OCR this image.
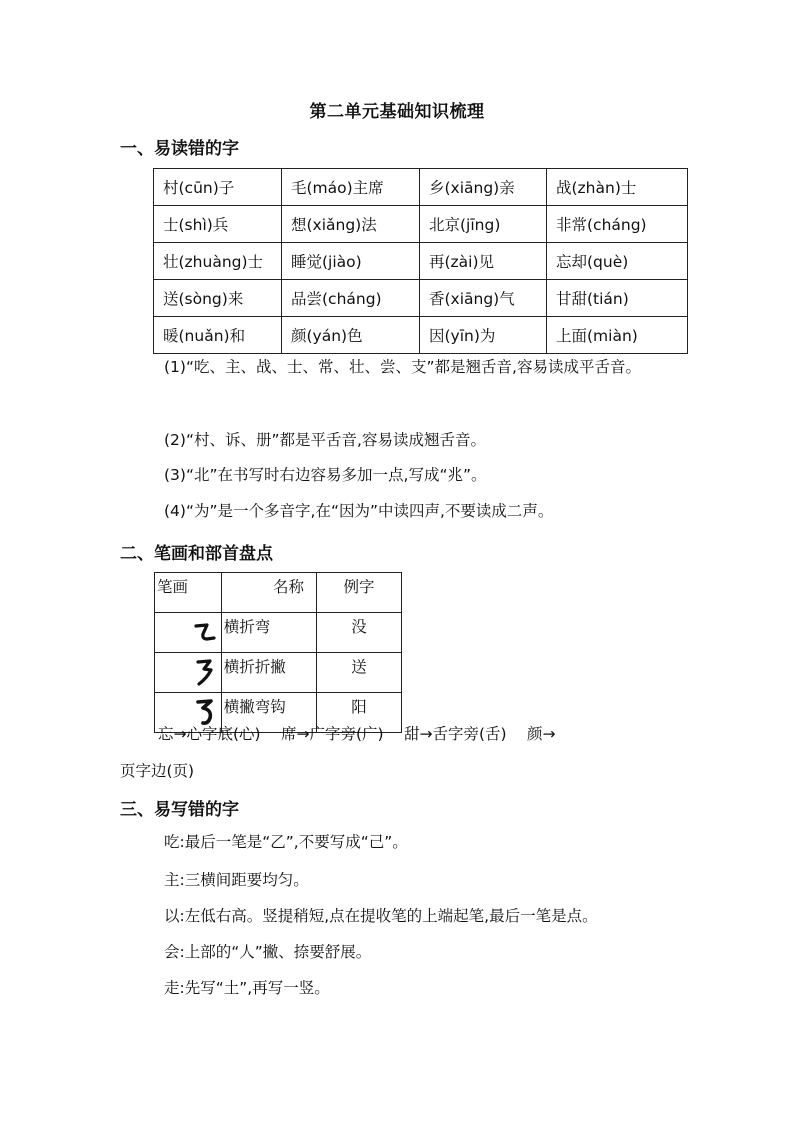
第二单元基础知识梳理
一、易读错的字
村(cūn)子	毛(máo)主席	乡(xiāng)亲	战(zhàn)士
士(shì)兵	想(xiǎng)法	北京(jīng)	非常(cháng)
壮(zhuàng)士	睡觉(jiào)	再(zài)见	忘却(què)
送(sòng)来	品尝(cháng)	香(xiāng)气	甘甜(tián)
暖(nuǎn)和	颜(yán)色	因(yīn)为	上面(miàn)
(1)“吃、主、战、士、常、壮、尝、支”都是翘舌音,容易读成平舌音。
(2)“村、诉、册”都是平舌音,容易读成翘舌音。
(3)“北”在书写时右边容易多加一点,写成“兆”。
(4)“为”是一个多音字,在“因为”中读四声,不要读成二声。
二、笔画和部首盘点
笔画	名称	例字
	横折弯	没
	横折折撇	送
	横撇弯钩	阳
忘→心字底(心)　 席→广字旁(广)　 甜→舌字旁(舌)　 颜→
页字边(页)
三、易写错的字
吃:最后一笔是“乙”,不要写成“己”。
主:三横间距要均匀。
以:左低右高。竖提稍短,点在提收笔的上端起笔,最后一笔是点。
会:上部的“人”撇、捺要舒展。
走:先写“土”,再写一竖。
